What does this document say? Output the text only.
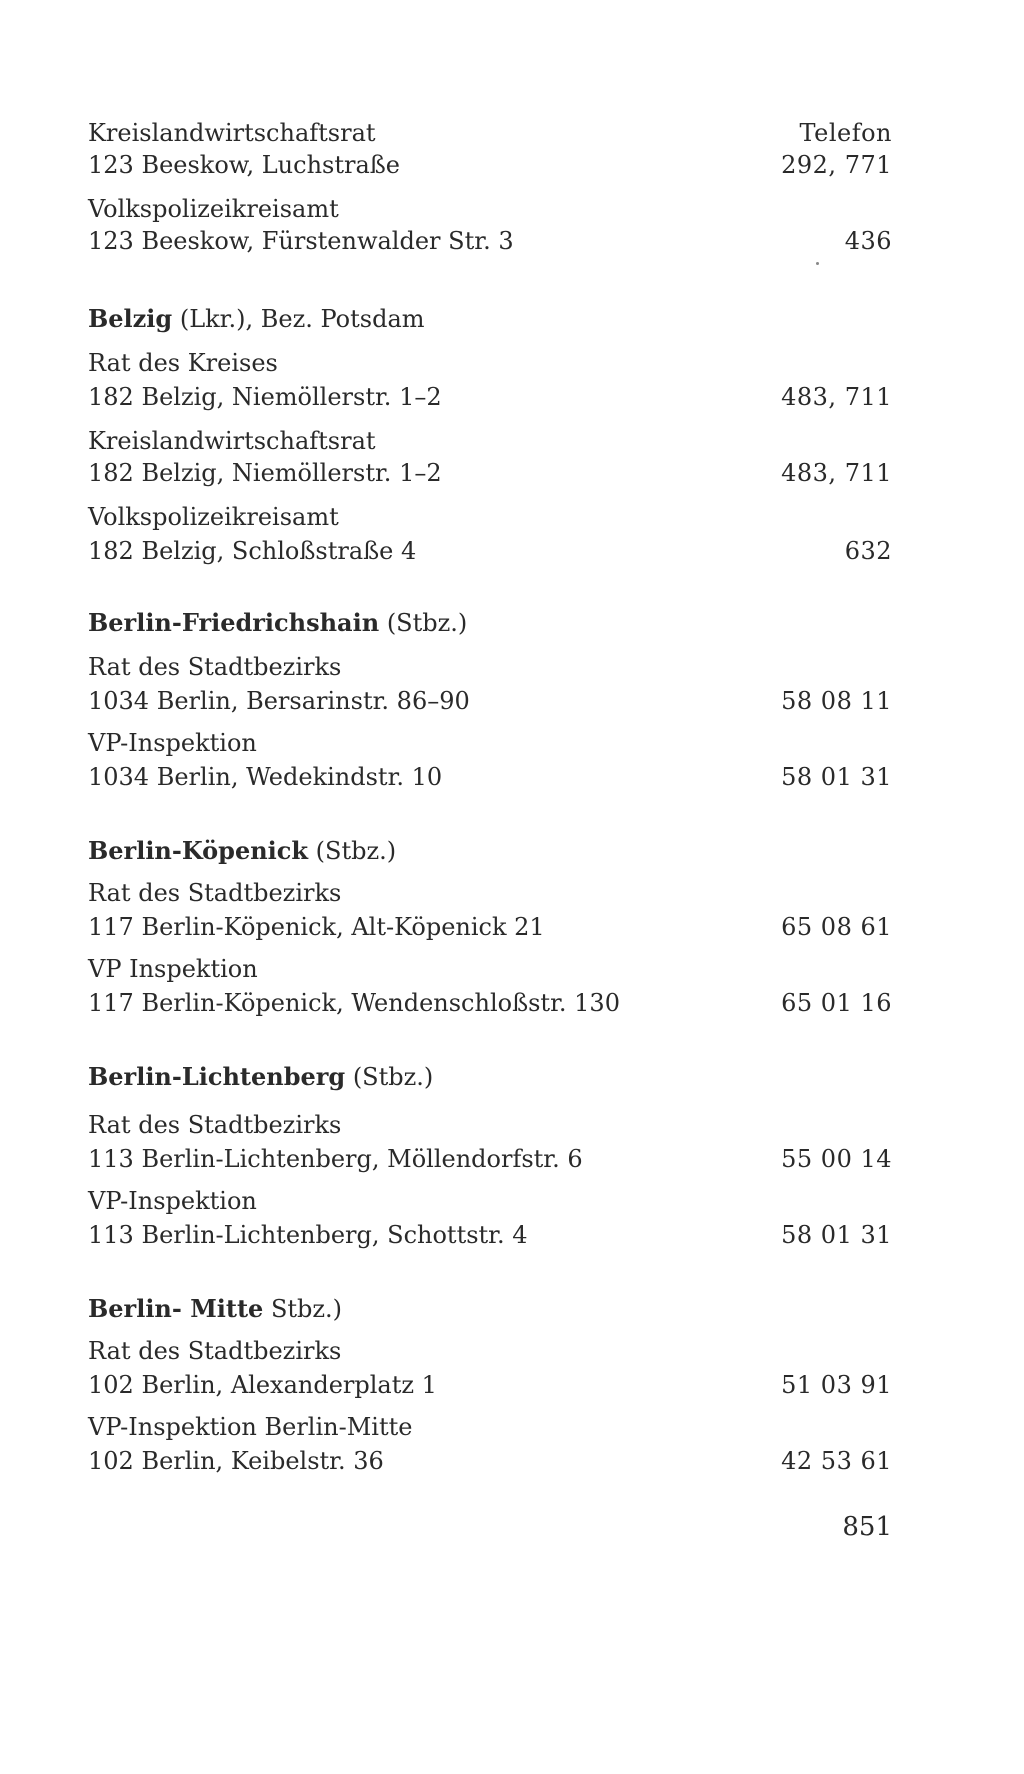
Kreislandwirtschaftsrat	Telefon
123 Beeskow, Luchstraße	292, 771
Volkspolizeikreisamt
123 Beeskow, Fürstenwalder Str. 3	436
Belzig (Lkr.), Bez. Potsdam
Rat des Kreises
182 Belzig, Niemöllerstr. 1–2	483, 711
Kreislandwirtschaftsrat
182 Belzig, Niemöllerstr. 1–2	483, 711
Volkspolizeikreisamt
182 Belzig, Schloßstraße 4	632
Berlin-Friedrichshain (Stbz.)
Rat des Stadtbezirks
1034 Berlin, Bersarinstr. 86–90	58 08 11
VP-Inspektion
1034 Berlin, Wedekindstr. 10	58 01 31
Berlin-Köpenick (Stbz.)
Rat des Stadtbezirks
117 Berlin-Köpenick, Alt-Köpenick 21	65 08 61
VP Inspektion
117 Berlin-Köpenick, Wendenschloßstr. 130	65 01 16
Berlin-Lichtenberg (Stbz.)
Rat des Stadtbezirks
113 Berlin-Lichtenberg, Möllendorfstr. 6	55 00 14
VP-Inspektion
113 Berlin-Lichtenberg, Schottstr. 4	58 01 31
Berlin- Mitte Stbz.)
Rat des Stadtbezirks
102 Berlin, Alexanderplatz 1	51 03 91
VP-Inspektion Berlin-Mitte
102 Berlin, Keibelstr. 36	42 53 61
851
